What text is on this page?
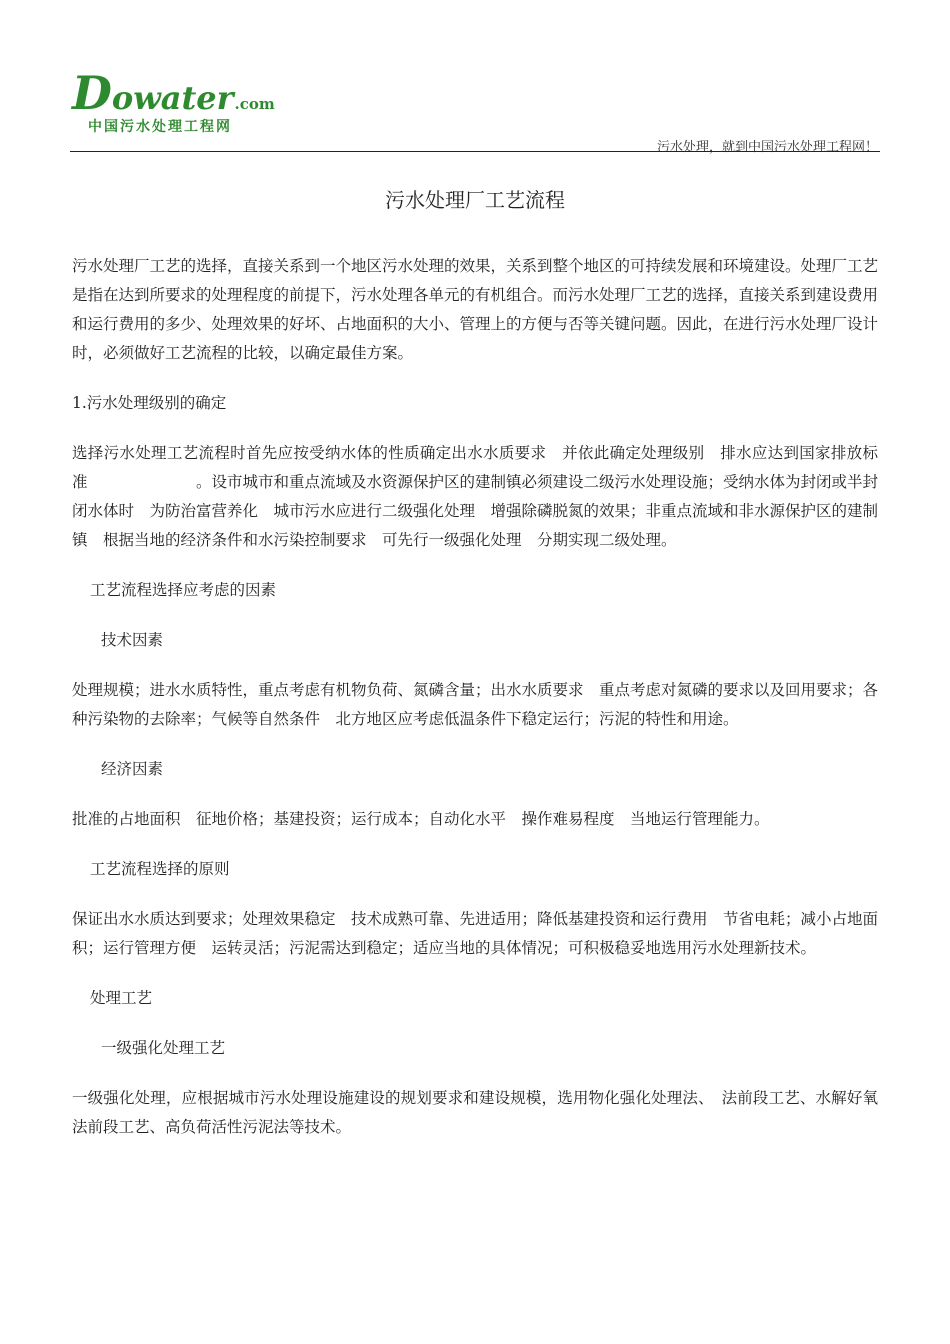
Dowater.com
中国污水处理工程网
污水处理，就到中国污水处理工程网！
污水处理厂工艺流程

污水处理厂工艺的选择，直接关系到一个地区污水处理的效果，关系到整个地区的可持续发展和环境建设。处理厂工艺是指在达到所要求的处理程度的前提下，污水处理各单元的有机组合。而污水处理厂工艺的选择，直接关系到建设费用和运行费用的多少、处理效果的好坏、占地面积的大小、管理上的方便与否等关键问题。因此，在进行污水处理厂设计时，必须做好工艺流程的比较，以确定最佳方案。

1.污水处理级别的确定

选择污水处理工艺流程时首先应按受纳水体的性质确定出水水质要求　并依此确定处理级别　排水应达到国家排放标准　　　　　　　。设市城市和重点流域及水资源保护区的建制镇必须建设二级污水处理设施；受纳水体为封闭或半封闭水体时　为防治富营养化　城市污水应进行二级强化处理　增强除磷脱氮的效果；非重点流域和非水源保护区的建制镇　根据当地的经济条件和水污染控制要求　可先行一级强化处理　分期实现二级处理。

工艺流程选择应考虑的因素

技术因素

处理规模；进水水质特性，重点考虑有机物负荷、氮磷含量；出水水质要求　重点考虑对氮磷的要求以及回用要求；各种污染物的去除率；气候等自然条件　北方地区应考虑低温条件下稳定运行；污泥的特性和用途。

经济因素

批准的占地面积　征地价格；基建投资；运行成本；自动化水平　操作难易程度　当地运行管理能力。

工艺流程选择的原则

保证出水水质达到要求；处理效果稳定　技术成熟可靠、先进适用；降低基建投资和运行费用　节省电耗；减小占地面积；运行管理方便　运转灵活；污泥需达到稳定；适应当地的具体情况；可积极稳妥地选用污水处理新技术。

处理工艺

一级强化处理工艺

一级强化处理，应根据城市污水处理设施建设的规划要求和建设规模，选用物化强化处理法、　法前段工艺、水解好氧法前段工艺、高负荷活性污泥法等技术。
